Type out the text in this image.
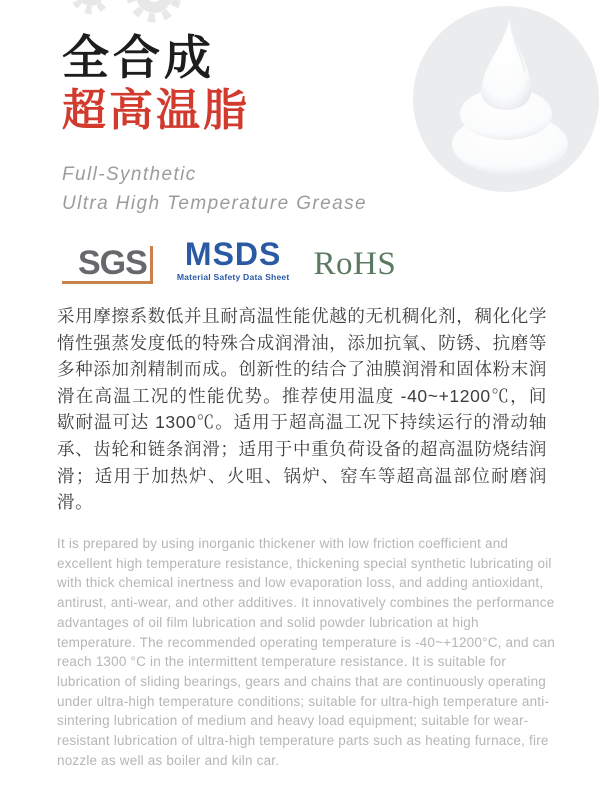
全合成
超高温脂

Full-Synthetic
Ultra High Temperature Grease

SGS MSDS
Material Safety Data Sheet RoHS

采用摩擦系数低并且耐高温性能优越的无机稠化剂，稠化化学惰性强蒸发度低的特殊合成润滑油，添加抗氧、防锈、抗磨等多种添加剂精制而成。创新性的结合了油膜润滑和固体粉末润滑在高温工况的性能优势。推荐使用温度 -40~+1200℃，间歇耐温可达 1300℃。适用于超高温工况下持续运行的滑动轴承、齿轮和链条润滑；适用于中重负荷设备的超高温防烧结润滑；适用于加热炉、火咀、锅炉、窑车等超高温部位耐磨润滑。

It is prepared by using inorganic thickener with low friction coefficient and excellent high temperature resistance, thickening special synthetic lubricating oil with thick chemical inertness and low evaporation loss, and adding antioxidant, antirust, anti-wear, and other additives. It innovatively combines the performance advantages of oil film lubrication and solid powder lubrication at high temperature. The recommended operating temperature is -40~+1200°C, and can reach 1300 °C in the intermittent temperature resistance. It is suitable for lubrication of sliding bearings, gears and chains that are continuously operating under ultra-high temperature conditions; suitable for ultra-high temperature anti-sintering lubrication of medium and heavy load equipment; suitable for wear-resistant lubrication of ultra-high temperature parts such as heating furnace, fire nozzle as well as boiler and kiln car.
